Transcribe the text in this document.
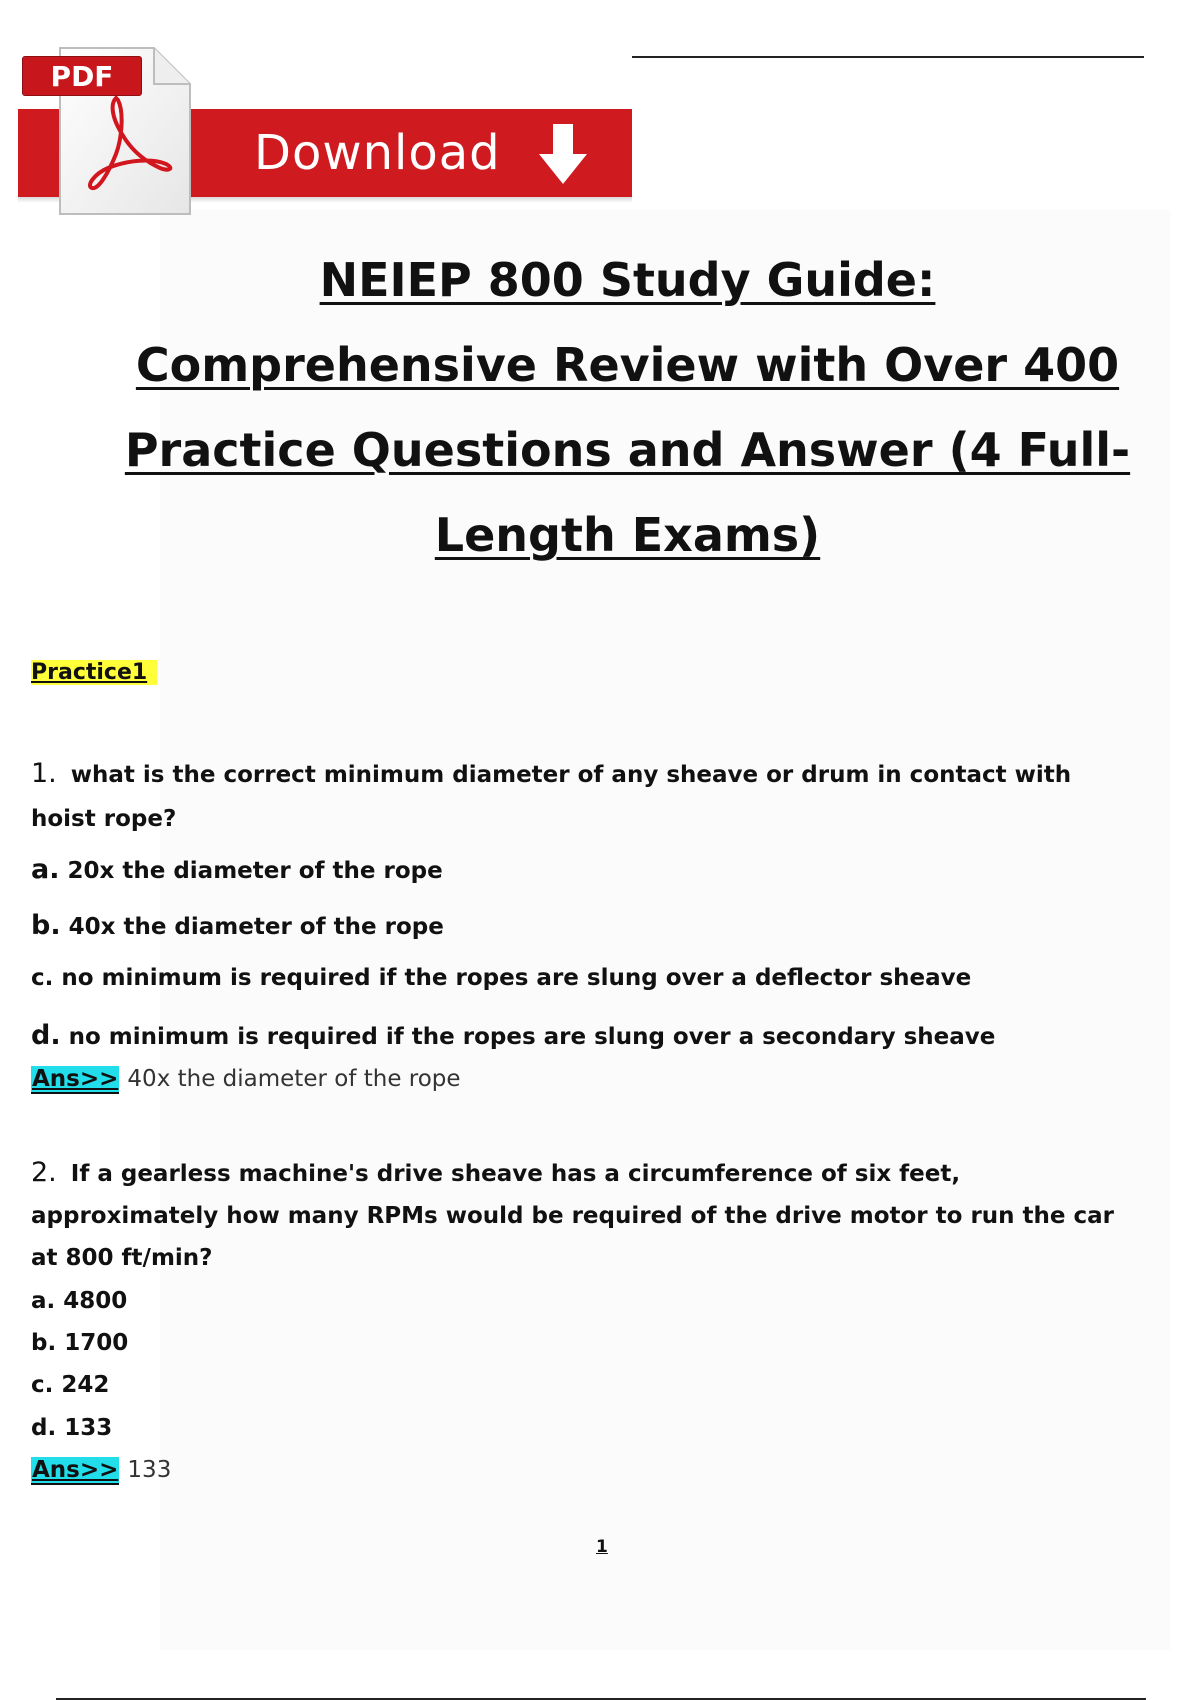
Download
PDF
NEIEP 800 Study Guide:
Comprehensive Review with Over 400
Practice Questions and Answer (4 Full-
Length Exams)
Practice1
1. what is the correct minimum diameter of any sheave or drum in contact with
hoist rope?
a. 20x the diameter of the rope
b. 40x the diameter of the rope
c. no minimum is required if the ropes are slung over a deflector sheave
d. no minimum is required if the ropes are slung over a secondary sheave
Ans>> 40x the diameter of the rope
2. If a gearless machine's drive sheave has a circumference of six feet,
approximately how many RPMs would be required of the drive motor to run the car
at 800 ft/min?
a. 4800
b. 1700
c. 242
d. 133
Ans>> 133
1
